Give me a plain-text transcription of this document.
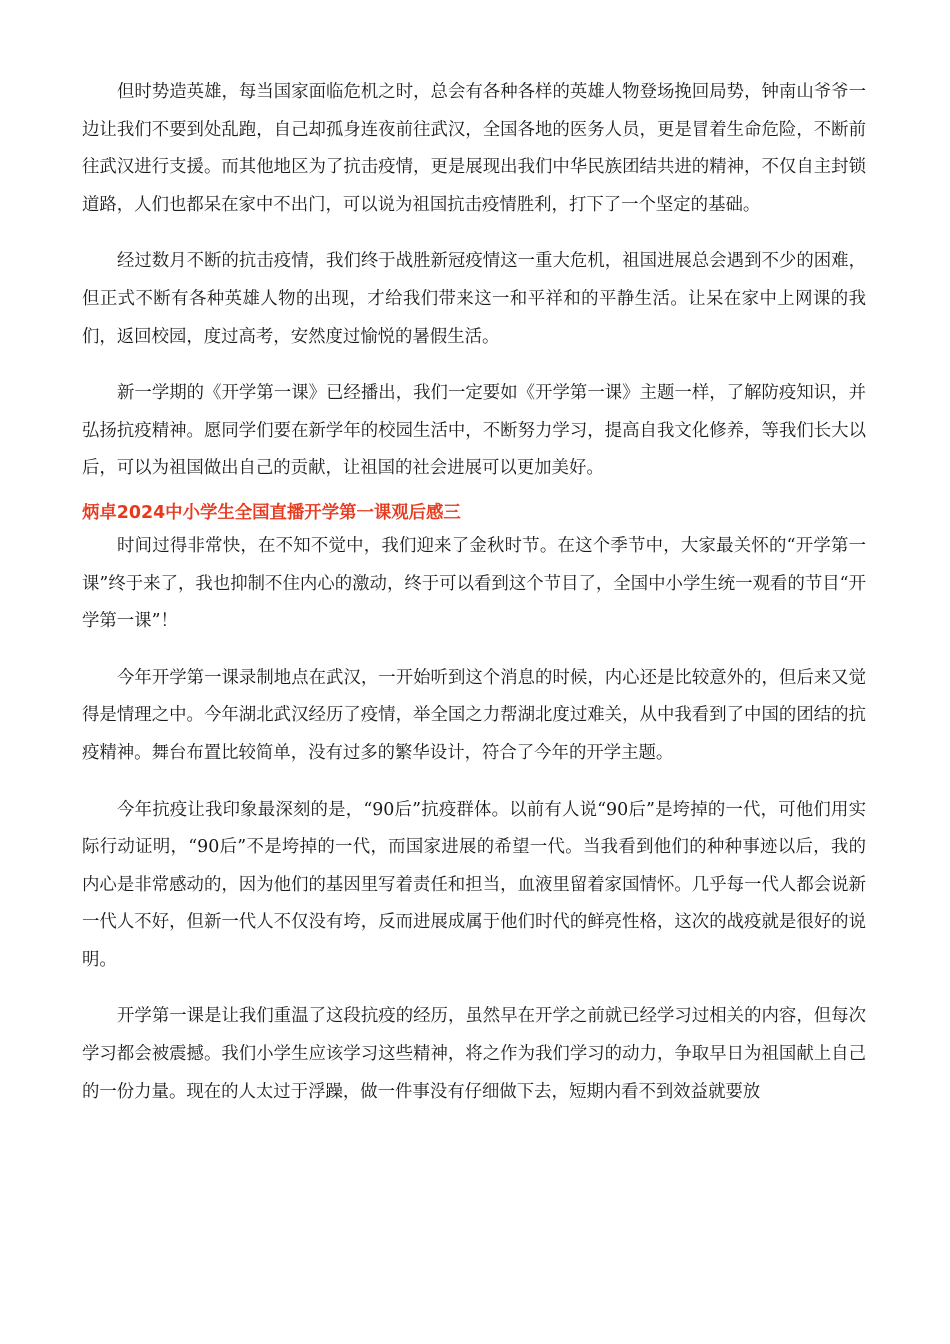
但时势造英雄，每当国家面临危机之时，总会有各种各样的英雄人物登场挽回局势，钟南山爷爷一边让我们不要到处乱跑，自己却孤身连夜前往武汉，全国各地的医务人员，更是冒着生命危险，不断前往武汉进行支援。而其他地区为了抗击疫情，更是展现出我们中华民族团结共进的精神，不仅自主封锁道路，人们也都呆在家中不出门，可以说为祖国抗击疫情胜利，打下了一个坚定的基础。

经过数月不断的抗击疫情，我们终于战胜新冠疫情这一重大危机，祖国进展总会遇到不少的困难，但正式不断有各种英雄人物的出现，才给我们带来这一和平祥和的平静生活。让呆在家中上网课的我们，返回校园，度过高考，安然度过愉悦的暑假生活。

新一学期的《开学第一课》已经播出，我们一定要如《开学第一课》主题一样，了解防疫知识，并弘扬抗疫精神。愿同学们要在新学年的校园生活中，不断努力学习，提高自我文化修养，等我们长大以后，可以为祖国做出自己的贡献，让祖国的社会进展可以更加美好。

炳卓2024中小学生全国直播开学第一课观后感三

时间过得非常快，在不知不觉中，我们迎来了金秋时节。在这个季节中，大家最关怀的“开学第一课”终于来了，我也抑制不住内心的激动，终于可以看到这个节目了，全国中小学生统一观看的节目“开学第一课”！

今年开学第一课录制地点在武汉，一开始听到这个消息的时候，内心还是比较意外的，但后来又觉得是情理之中。今年湖北武汉经历了疫情，举全国之力帮湖北度过难关，从中我看到了中国的团结的抗疫精神。舞台布置比较简单，没有过多的繁华设计，符合了今年的开学主题。

今年抗疫让我印象最深刻的是，“90后”抗疫群体。以前有人说“90后”是垮掉的一代，可他们用实际行动证明，“90后”不是垮掉的一代，而国家进展的希望一代。当我看到他们的种种事迹以后，我的内心是非常感动的，因为他们的基因里写着责任和担当，血液里留着家国情怀。几乎每一代人都会说新一代人不好，但新一代人不仅没有垮，反而进展成属于他们时代的鲜亮性格，这次的战疫就是很好的说明。

开学第一课是让我们重温了这段抗疫的经历，虽然早在开学之前就已经学习过相关的内容，但每次学习都会被震撼。我们小学生应该学习这些精神，将之作为我们学习的动力，争取早日为祖国献上自己的一份力量。现在的人太过于浮躁，做一件事没有仔细做下去，短期内看不到效益就要放
